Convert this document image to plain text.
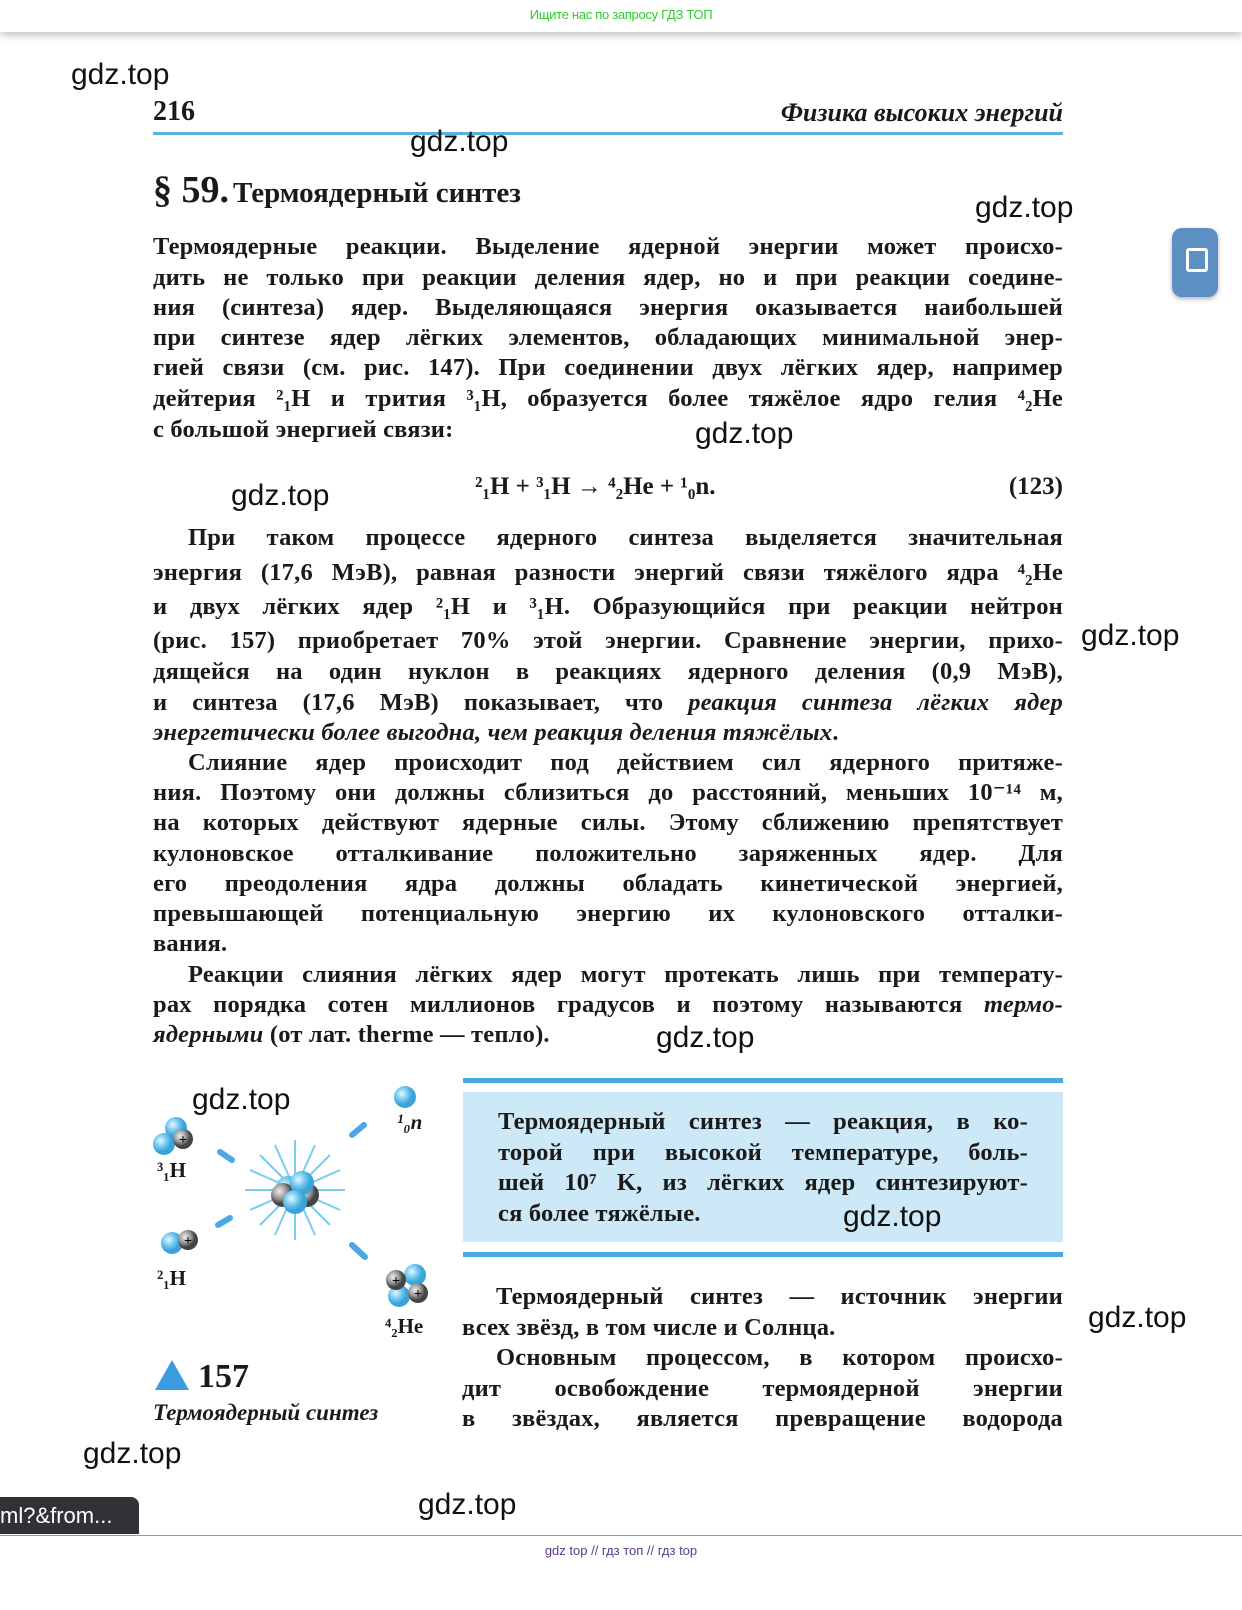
Ищите нас по запросу ГДЗ ТОП
216	Физика высоких энергий
§ 59. Термоядерный синтез
Термоядерные реакции. Выделение ядерной энергии может происхо-
дить не только при реакции деления ядер, но и при реакции соедине-
ния (синтеза) ядер. Выделяющаяся энергия оказывается наибольшей
при синтезе ядер лёгких элементов, обладающих минимальной энер-
гией связи (см. рис. 147). При соединении двух лёгких ядер, например
дейтерия ²₁H и трития ³₁H, образуется более тяжёлое ядро гелия ⁴₂He
с большой энергией связи:
При таком процессе ядерного синтеза выделяется значительная
энергия (17,6 МэВ), равная разности энергий связи тяжёлого ядра ⁴₂He
и двух лёгких ядер ²₁H и ³₁H. Образующийся при реакции нейтрон
(рис. 157) приобретает 70% этой энергии. Сравнение энергии, прихо-
дящейся на один нуклон в реакциях ядерного деления (0,9 МэВ),
и синтеза (17,6 МэВ) показывает, что реакция синтеза лёгких ядер
энергетически более выгодна, чем реакция деления тяжёлых.
Слияние ядер происходит под действием сил ядерного притяже-
ния. Поэтому они должны сблизиться до расстояний, меньших 10⁻¹⁴ м,
на которых действуют ядерные силы. Этому сближению препятствует
кулоновское отталкивание положительно заряженных ядер. Для
его преодоления ядра должны обладать кинетической энергией,
превышающей потенциальную энергию их кулоновского отталки-
вания.
Реакции слияния лёгких ядер могут протекать лишь при температу-
рах порядка сотен миллионов градусов и поэтому называются термо-
ядерными (от лат. therme — тепло).
²₁H + ³₁H → ⁴₂He + ¹₀n.	(123)
Термоядерный синтез — реакция, в ко-
торой при высокой температуре, боль-
шей 10⁷ K, из лёгких ядер синтезируют-
ся более тяжёлые.
Термоядерный синтез — источник энергии
всех звёзд, в том числе и Солнца.
Основным процессом, в котором происхо-
дит освобождение термоядерной энергии
в звёздах, является превращение водорода
+
+
+
+
³₁H
²₁H
¹₀n
⁴₂He
157
Термоядерный синтез
gdz.top
gdz.top
gdz.top
gdz.top
gdz.top
gdz.top
gdz.top
gdz.top
gdz.top
gdz.top
gdz.top
gdz.top
ml?&from...
gdz top // гдз топ // гдз top
